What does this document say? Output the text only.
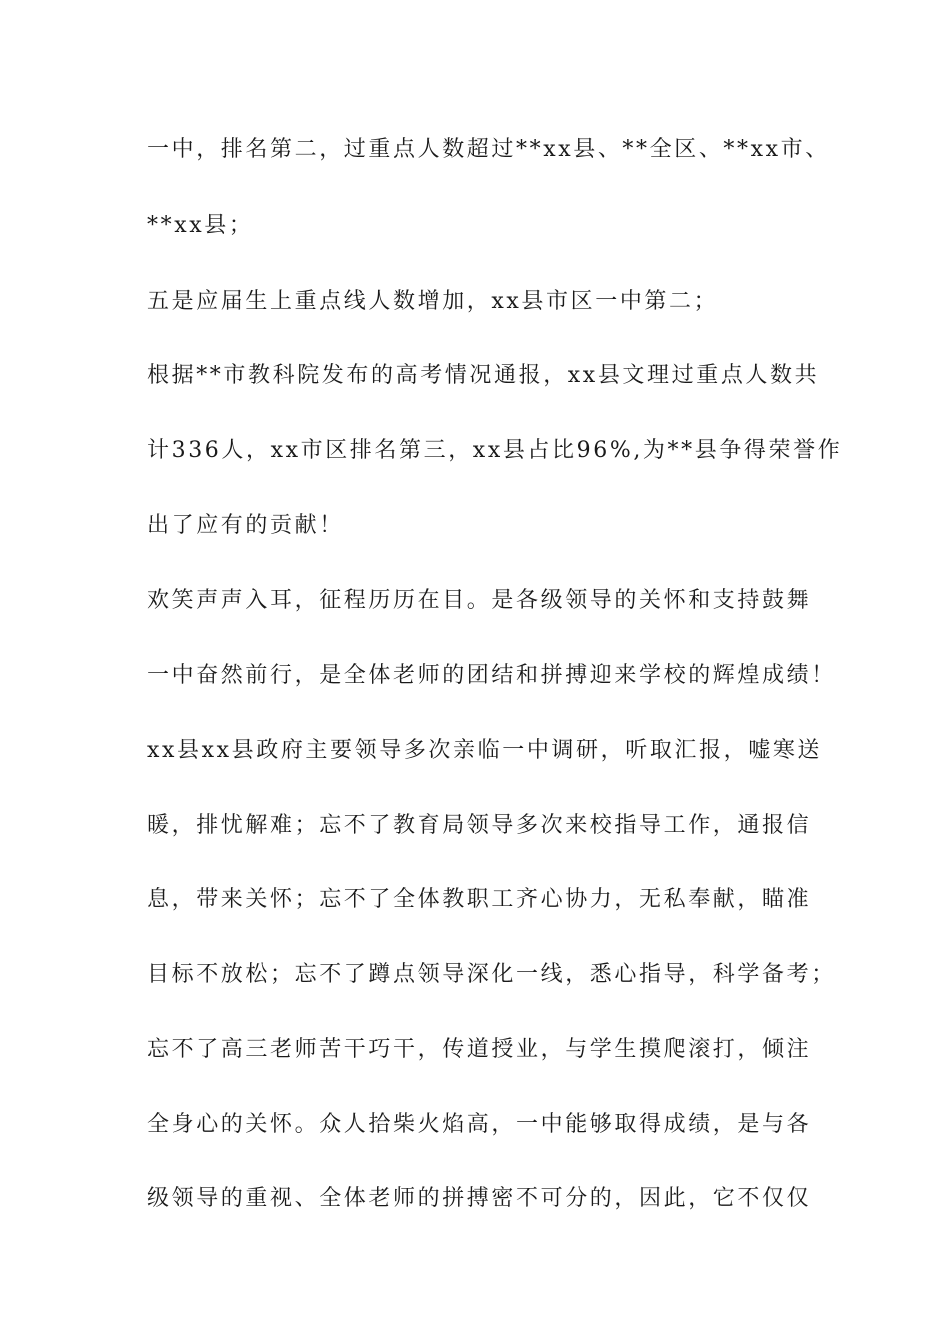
一中，排名第二，过重点人数超过**xx县、**全区、**xx市、
**xx县；
五是应届生上重点线人数增加，xx县市区一中第二；
根据**市教科院发布的高考情况通报，xx县文理过重点人数共
计336人，xx市区排名第三，xx县占比96%,为**县争得荣誉作
出了应有的贡献！
欢笑声声入耳，征程历历在目。是各级领导的关怀和支持鼓舞
一中奋然前行，是全体老师的团结和拼搏迎来学校的辉煌成绩！
xx县xx县政府主要领导多次亲临一中调研，听取汇报，嘘寒送
暖，排忧解难；忘不了教育局领导多次来校指导工作，通报信
息，带来关怀；忘不了全体教职工齐心协力，无私奉献，瞄准
目标不放松；忘不了蹲点领导深化一线，悉心指导，科学备考；
忘不了高三老师苦干巧干，传道授业，与学生摸爬滚打，倾注
全身心的关怀。众人拾柴火焰高，一中能够取得成绩，是与各
级领导的重视、全体老师的拼搏密不可分的，因此，它不仅仅
